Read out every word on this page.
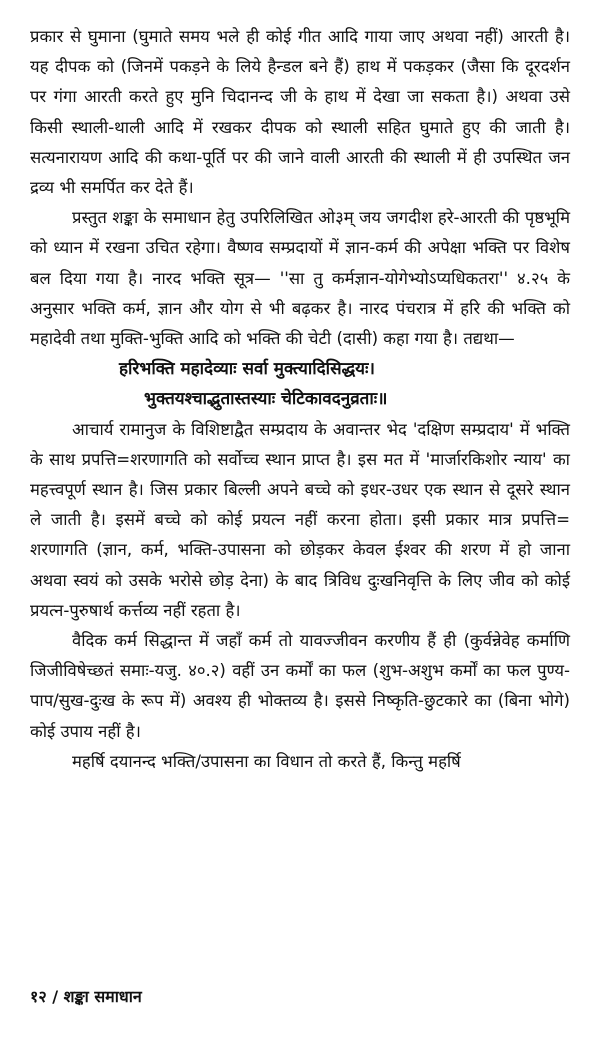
प्रकार से घुमाना (घुमाते समय भले ही कोई गीत आदि गाया जाए अथवा नहीं) आरती है। यह दीपक को (जिनमें पकड़ने के लिये हैन्डल बने हैं) हाथ में पकड़कर (जैसा कि दूरदर्शन पर गंगा आरती करते हुए मुनि चिदानन्द जी के हाथ में देखा जा सकता है।) अथवा उसे किसी स्थाली-थाली आदि में रखकर दीपक को स्थाली सहित घुमाते हुए की जाती है। सत्यनारायण आदि की कथा-पूर्ति पर की जाने वाली आरती की स्थाली में ही उपस्थित जन द्रव्य भी समर्पित कर देते हैं।

प्रस्तुत शङ्का के समाधान हेतु उपरिलिखित ओ३म् जय जगदीश हरे-आरती की पृष्ठभूमि को ध्यान में रखना उचित रहेगा। वैष्णव सम्प्रदायों में ज्ञान-कर्म की अपेक्षा भक्ति पर विशेष बल दिया गया है। नारद भक्ति सूत्र— ''सा तु कर्मज्ञान-योगेभ्योऽप्यधिकतरा'' ४.२५ के अनुसार भक्ति कर्म, ज्ञान और योग से भी बढ़कर है। नारद पंचरात्र में हरि की भक्ति को महादेवी तथा मुक्ति-भुक्ति आदि को भक्ति की चेटी (दासी) कहा गया है। तद्यथा—

हरिभक्ति महादेव्याः सर्वा मुक्त्यादिसिद्धयः।

भुक्तयश्चाद्भुतास्तस्याः चेटिकावदनुव्रताः॥

आचार्य रामानुज के विशिष्टाद्वैत सम्प्रदाय के अवान्तर भेद 'दक्षिण सम्प्रदाय' में भक्ति के साथ प्रपत्ति=शरणागति को सर्वोच्च स्थान प्राप्त है। इस मत में 'मार्जारकिशोर न्याय' का महत्त्वपूर्ण स्थान है। जिस प्रकार बिल्ली अपने बच्चे को इधर-उधर एक स्थान से दूसरे स्थान ले जाती है। इसमें बच्चे को कोई प्रयत्न नहीं करना होता। इसी प्रकार मात्र प्रपत्ति= शरणागति (ज्ञान, कर्म, भक्ति-उपासना को छोड़कर केवल ईश्वर की शरण में हो जाना अथवा स्वयं को उसके भरोसे छोड़ देना) के बाद त्रिविध दुःखनिवृत्ति के लिए जीव को कोई प्रयत्न-पुरुषार्थ कर्त्तव्य नहीं रहता है।

वैदिक कर्म सिद्धान्त में जहाँ कर्म तो यावज्जीवन करणीय हैं ही (कुर्वन्नेवेह कर्माणि जिजीविषेच्छतं समाः-यजु. ४०.२) वहीं उन कर्मों का फल (शुभ-अशुभ कर्मों का फल पुण्य-पाप/सुख-दुःख के रूप में) अवश्य ही भोक्तव्य है। इससे निष्कृति-छुटकारे का (बिना भोगे) कोई उपाय नहीं है।

महर्षि दयानन्द भक्ति/उपासना का विधान तो करते हैं, किन्तु महर्षि

१२ / शङ्का समाधान
